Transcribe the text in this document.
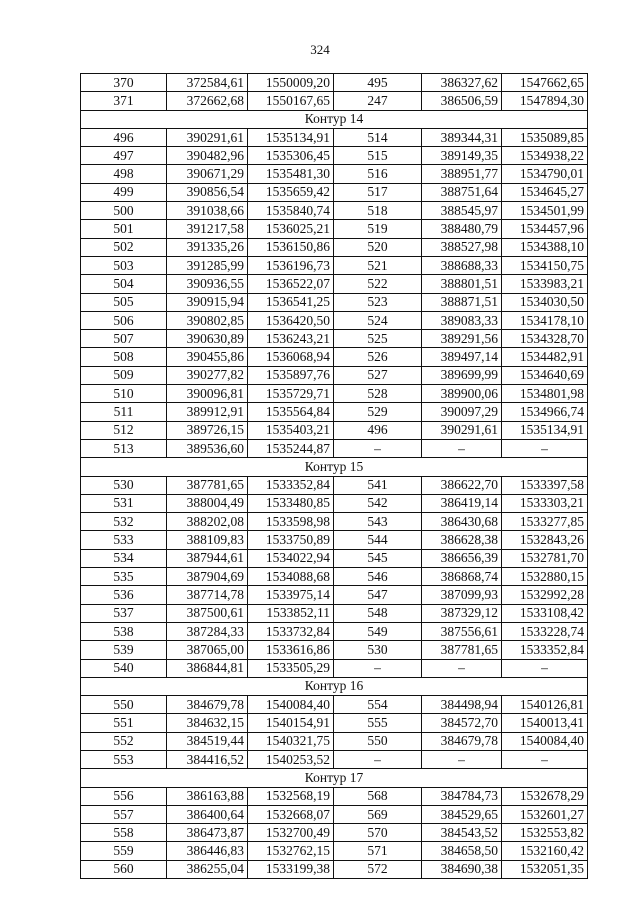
324
370	372584,61	1550009,20	495	386327,62	1547662,65
371	372662,68	1550167,65	247	386506,59	1547894,30
Контур 14					
496	390291,61	1535134,91	514	389344,31	1535089,85
497	390482,96	1535306,45	515	389149,35	1534938,22
498	390671,29	1535481,30	516	388951,77	1534790,01
499	390856,54	1535659,42	517	388751,64	1534645,27
500	391038,66	1535840,74	518	388545,97	1534501,99
501	391217,58	1536025,21	519	388480,79	1534457,96
502	391335,26	1536150,86	520	388527,98	1534388,10
503	391285,99	1536196,73	521	388688,33	1534150,75
504	390936,55	1536522,07	522	388801,51	1533983,21
505	390915,94	1536541,25	523	388871,51	1534030,50
506	390802,85	1536420,50	524	389083,33	1534178,10
507	390630,89	1536243,21	525	389291,56	1534328,70
508	390455,86	1536068,94	526	389497,14	1534482,91
509	390277,82	1535897,76	527	389699,99	1534640,69
510	390096,81	1535729,71	528	389900,06	1534801,98
511	389912,91	1535564,84	529	390097,29	1534966,74
512	389726,15	1535403,21	496	390291,61	1535134,91
513	389536,60	1535244,87	–	–	–
Контур 15					
530	387781,65	1533352,84	541	386622,70	1533397,58
531	388004,49	1533480,85	542	386419,14	1533303,21
532	388202,08	1533598,98	543	386430,68	1533277,85
533	388109,83	1533750,89	544	386628,38	1532843,26
534	387944,61	1534022,94	545	386656,39	1532781,70
535	387904,69	1534088,68	546	386868,74	1532880,15
536	387714,78	1533975,14	547	387099,93	1532992,28
537	387500,61	1533852,11	548	387329,12	1533108,42
538	387284,33	1533732,84	549	387556,61	1533228,74
539	387065,00	1533616,86	530	387781,65	1533352,84
540	386844,81	1533505,29	–	–	–
Контур 16					
550	384679,78	1540084,40	554	384498,94	1540126,81
551	384632,15	1540154,91	555	384572,70	1540013,41
552	384519,44	1540321,75	550	384679,78	1540084,40
553	384416,52	1540253,52	–	–	–
Контур 17					
556	386163,88	1532568,19	568	384784,73	1532678,29
557	386400,64	1532668,07	569	384529,65	1532601,27
558	386473,87	1532700,49	570	384543,52	1532553,82
559	386446,83	1532762,15	571	384658,50	1532160,42
560	386255,04	1533199,38	572	384690,38	1532051,35
